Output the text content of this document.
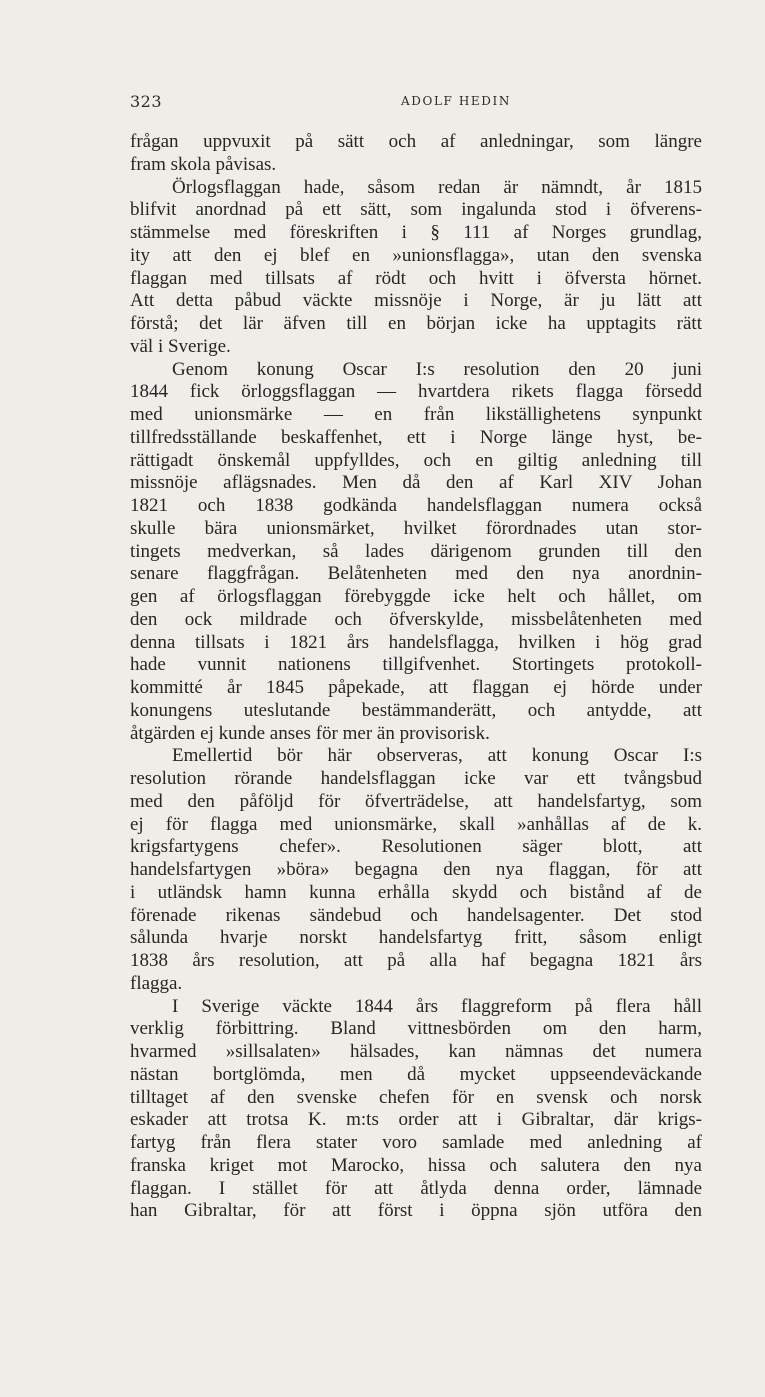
323	ADOLF HEDIN
frågan uppvuxit på sätt och af anledningar, som längre
fram skola påvisas.
Örlogsflaggan hade, såsom redan är nämndt, år 1815
blifvit anordnad på ett sätt, som ingalunda stod i öfverens-
stämmelse med föreskriften i § 111 af Norges grundlag,
ity att den ej blef en »unionsflagga», utan den svenska
flaggan med tillsats af rödt och hvitt i öfversta hörnet.
Att detta påbud väckte missnöje i Norge, är ju lätt att
förstå; det lär äfven till en början icke ha upptagits rätt
väl i Sverige.
Genom konung Oscar I:s resolution den 20 juni
1844 fick örloggsflaggan — hvartdera rikets flagga försedd
med unionsmärke — en från likställighetens synpunkt
tillfredsställande beskaffenhet, ett i Norge länge hyst, be-
rättigadt önskemål uppfylldes, och en giltig anledning till
missnöje aflägsnades. Men då den af Karl XIV Johan
1821 och 1838 godkända handelsflaggan numera också
skulle bära unionsmärket, hvilket förordnades utan stor-
tingets medverkan, så lades därigenom grunden till den
senare flaggfrågan. Belåtenheten med den nya anordnin-
gen af örlogsflaggan förebyggde icke helt och hållet, om
den ock mildrade och öfverskylde, missbelåtenheten med
denna tillsats i 1821 års handelsflagga, hvilken i hög grad
hade vunnit nationens tillgifvenhet. Stortingets protokoll-
kommitté år 1845 påpekade, att flaggan ej hörde under
konungens uteslutande bestämmanderätt, och antydde, att
åtgärden ej kunde anses för mer än provisorisk.
Emellertid bör här observeras, att konung Oscar I:s
resolution rörande handelsflaggan icke var ett tvångsbud
med den påföljd för öfverträdelse, att handelsfartyg, som
ej för flagga med unionsmärke, skall »anhållas af de k.
krigsfartygens chefer». Resolutionen säger blott, att
handelsfartygen »böra» begagna den nya flaggan, för att
i utländsk hamn kunna erhålla skydd och bistånd af de
förenade rikenas sändebud och handelsagenter. Det stod
sålunda hvarje norskt handelsfartyg fritt, såsom enligt
1838 års resolution, att på alla haf begagna 1821 års
flagga.
I Sverige väckte 1844 års flaggreform på flera håll
verklig förbittring. Bland vittnesbörden om den harm,
hvarmed »sillsalaten» hälsades, kan nämnas det numera
nästan bortglömda, men då mycket uppseendeväckande
tilltaget af den svenske chefen för en svensk och norsk
eskader att trotsa K. m:ts order att i Gibraltar, där krigs-
fartyg från flera stater voro samlade med anledning af
franska kriget mot Marocko, hissa och salutera den nya
flaggan. I stället för att åtlyda denna order, lämnade
han Gibraltar, för att först i öppna sjön utföra den
